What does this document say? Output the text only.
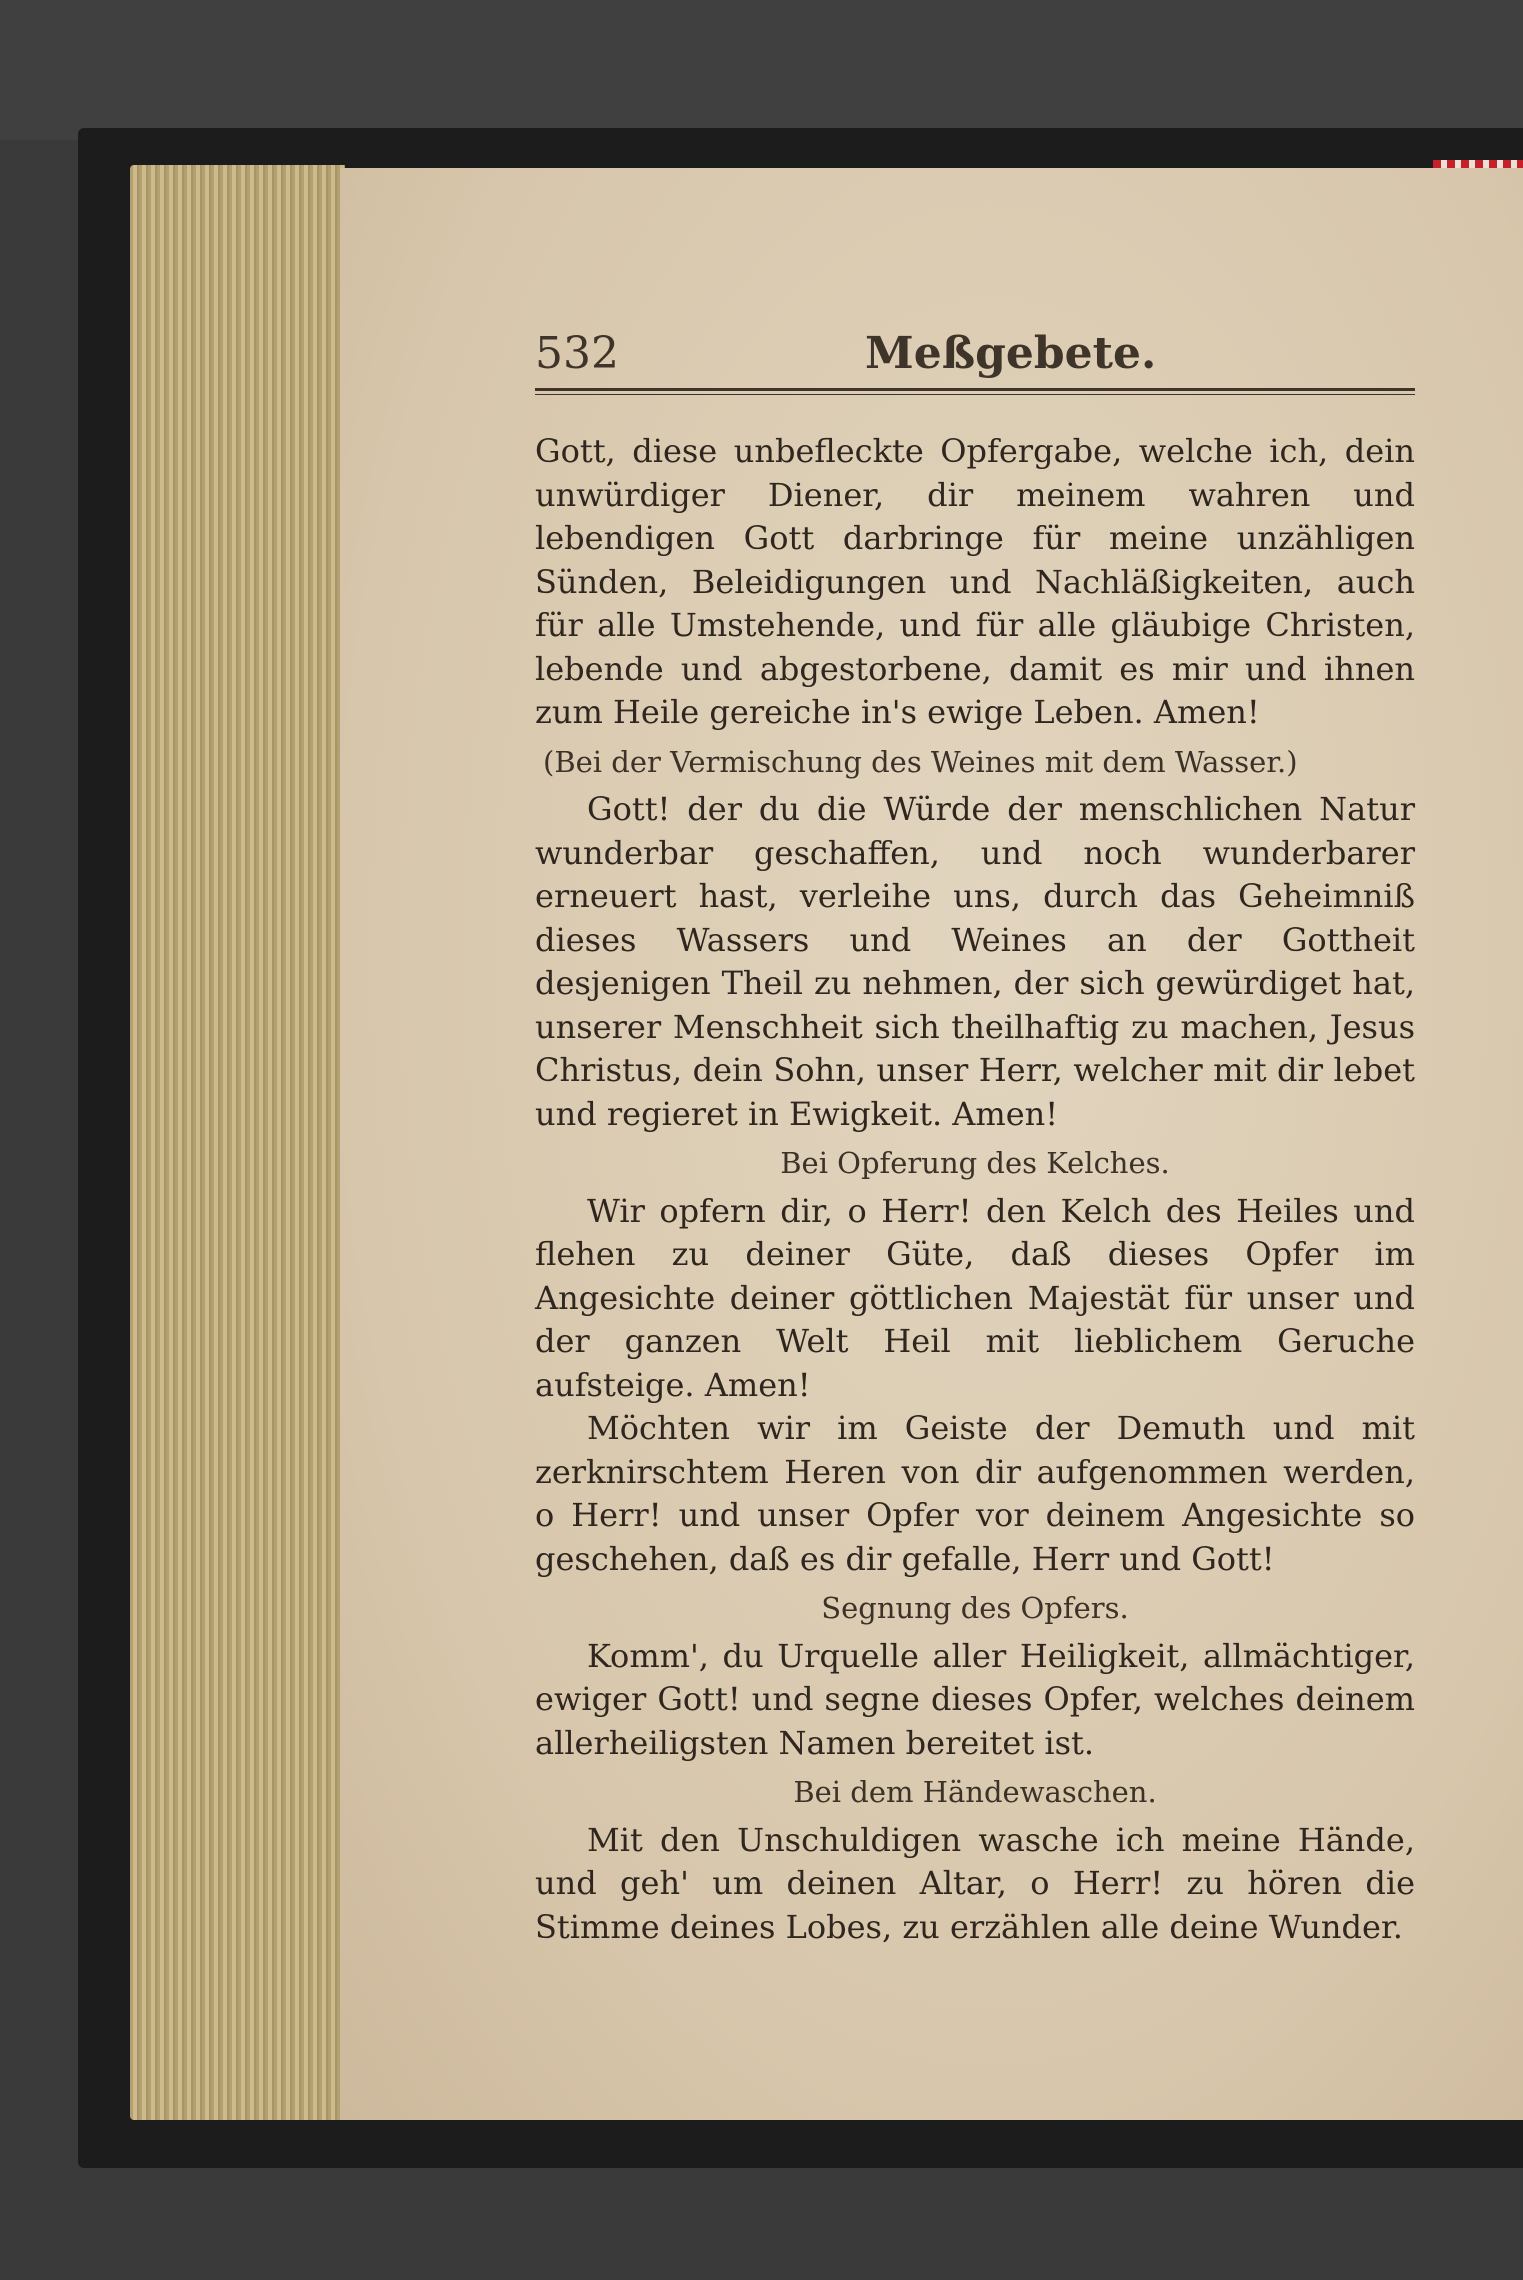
532	Meßgebete.

Gott, diese unbefleckte Opfergabe, welche ich, dein unwürdiger Diener, dir meinem wahren und lebendigen Gott darbringe für meine unzähligen Sünden, Beleidigungen und Nachläßigkeiten, auch für alle Umstehende, und für alle gläubige Christen, lebende und abgestorbene, damit es mir und ihnen zum Heile gereiche in's ewige Leben. Amen!

(Bei der Vermischung des Weines mit dem Wasser.)

Gott! der du die Würde der menschlichen Natur wunderbar geschaffen, und noch wunderbarer erneuert hast, verleihe uns, durch das Geheimniß dieses Wassers und Weines an der Gottheit desjenigen Theil zu nehmen, der sich gewürdiget hat, unserer Menschheit sich theilhaftig zu machen, Jesus Christus, dein Sohn, unser Herr, welcher mit dir lebet und regieret in Ewigkeit. Amen!

Bei Opferung des Kelches.

Wir opfern dir, o Herr! den Kelch des Heiles und flehen zu deiner Güte, daß dieses Opfer im Angesichte deiner göttlichen Majestät für unser und der ganzen Welt Heil mit lieblichem Geruche aufsteige. Amen!

Möchten wir im Geiste der Demuth und mit zerknirschtem Heren von dir aufgenommen werden, o Herr! und unser Opfer vor deinem Angesichte so geschehen, daß es dir gefalle, Herr und Gott!

Segnung des Opfers.

Komm', du Urquelle aller Heiligkeit, allmächtiger, ewiger Gott! und segne dieses Opfer, welches deinem allerheiligsten Namen bereitet ist.

Bei dem Händewaschen.

Mit den Unschuldigen wasche ich meine Hände, und geh' um deinen Altar, o Herr! zu hören die Stimme deines Lobes, zu erzählen alle deine Wunder.
